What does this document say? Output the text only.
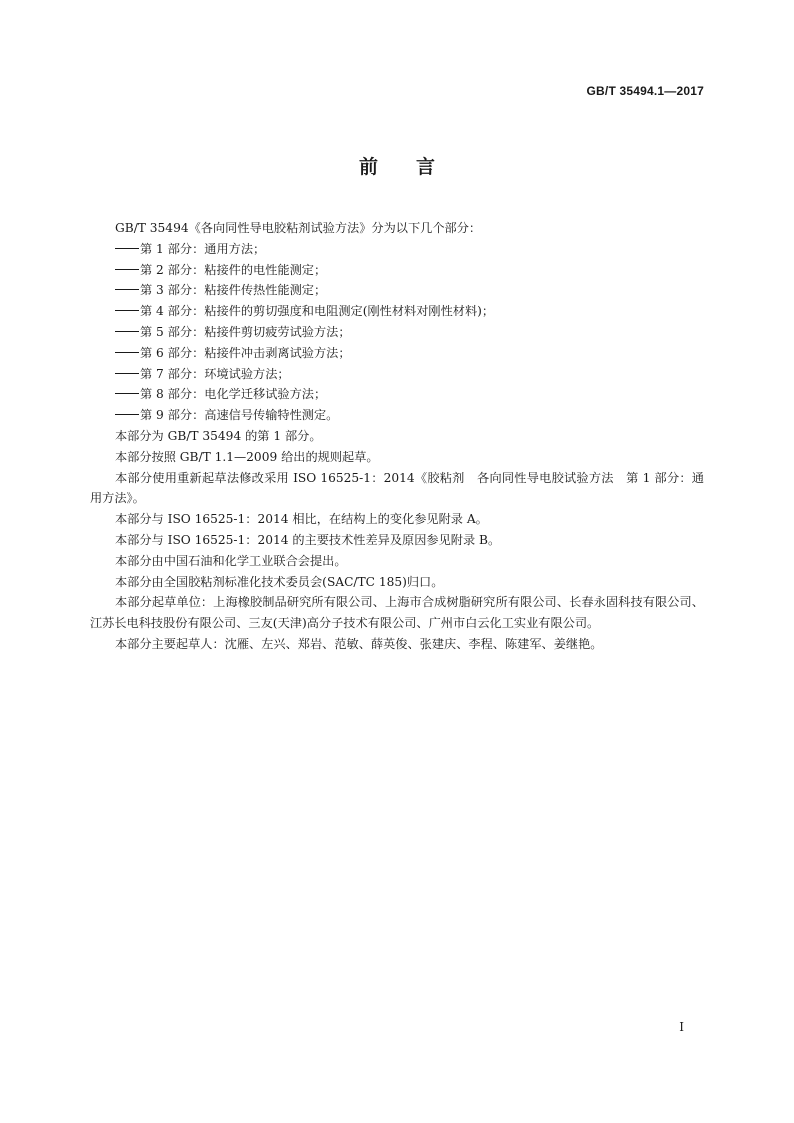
GB/T 35494.1—2017
前 言

GB/T 35494《各向同性导电胶粘剂试验方法》分为以下几个部分：

第 1 部分：通用方法；

第 2 部分：粘接件的电性能测定；

第 3 部分：粘接件传热性能测定；

第 4 部分：粘接件的剪切强度和电阻测定(刚性材料对刚性材料)；

第 5 部分：粘接件剪切疲劳试验方法；

第 6 部分：粘接件冲击剥离试验方法；

第 7 部分：环境试验方法；

第 8 部分：电化学迁移试验方法；

第 9 部分：高速信号传输特性测定。

本部分为 GB/T 35494 的第 1 部分。

本部分按照 GB/T 1.1—2009 给出的规则起草。

本部分使用重新起草法修改采用 ISO 16525-1：2014《胶粘剂　各向同性导电胶试验方法　第 1 部分：通用方法》。

本部分与 ISO 16525-1：2014 相比，在结构上的变化参见附录 A。

本部分与 ISO 16525-1：2014 的主要技术性差异及原因参见附录 B。

本部分由中国石油和化学工业联合会提出。

本部分由全国胶粘剂标准化技术委员会(SAC/TC 185)归口。

本部分起草单位：上海橡胶制品研究所有限公司、上海市合成树脂研究所有限公司、长春永固科技有限公司、江苏长电科技股份有限公司、三友(天津)高分子技术有限公司、广州市白云化工实业有限公司。

本部分主要起草人：沈雁、左兴、郑岩、范敏、薛英俊、张建庆、李程、陈建军、姜继艳。

I
